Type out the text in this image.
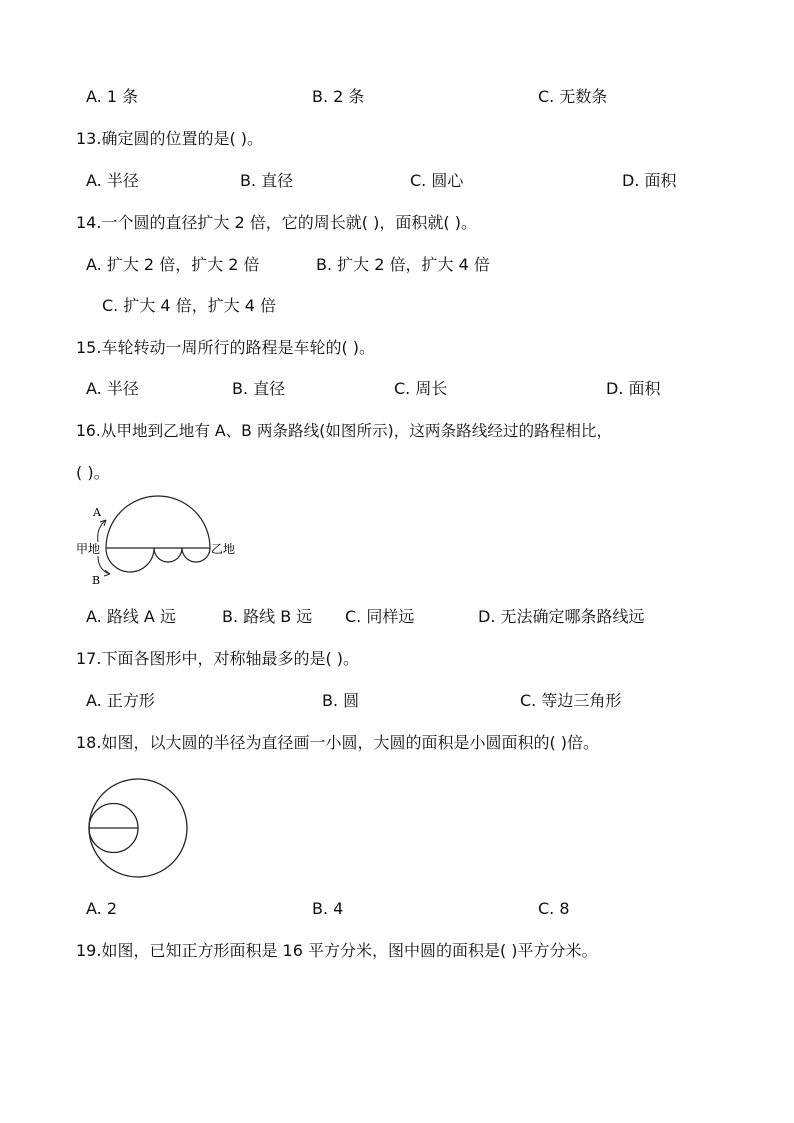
A. 1 条	B. 2 条	C. 无数条
13.确定圆的位置的是( )。
A. 半径	B. 直径	C. 圆心	D. 面积
14.一个圆的直径扩大 2 倍，它的周长就( )，面积就( )。
A. 扩大 2 倍，扩大 2 倍	B. 扩大 2 倍，扩大 4 倍
C. 扩大 4 倍，扩大 4 倍
15.车轮转动一周所行的路程是车轮的( )。
A. 半径	B. 直径	C. 周长	D. 面积
16.从甲地到乙地有 A、B 两条路线(如图所示)，这两条路线经过的路程相比，
( )。
A
B
甲地	乙地
A. 路线 A 远	B. 路线 B 远 C. 同样远	D. 无法确定哪条路线远
17.下面各图形中，对称轴最多的是( )。
A. 正方形	B. 圆	C. 等边三角形
18.如图，以大圆的半径为直径画一小圆，大圆的面积是小圆面积的( )倍。
A. 2	B. 4	C. 8
19.如图，已知正方形面积是 16 平方分米，图中圆的面积是( )平方分米。
